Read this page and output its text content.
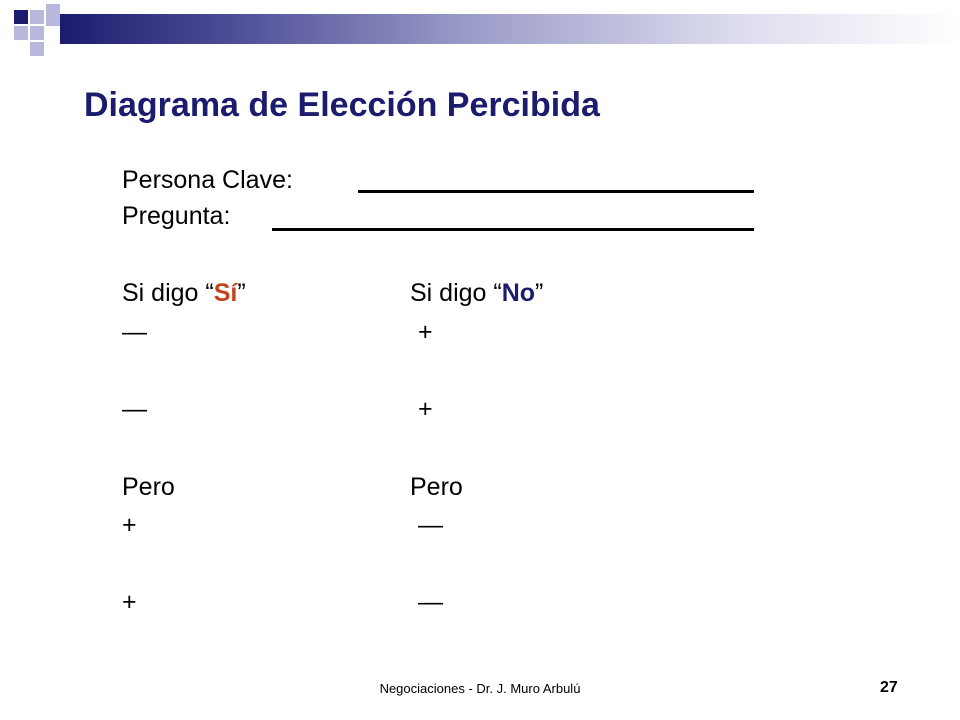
Diagrama de Elección Percibida
Persona Clave:
Pregunta:
Si digo “Sí”
—
—
Pero
+
+
Si digo “No”
+
+
Pero
—
—
Negociaciones - Dr. J. Muro Arbulú	27
